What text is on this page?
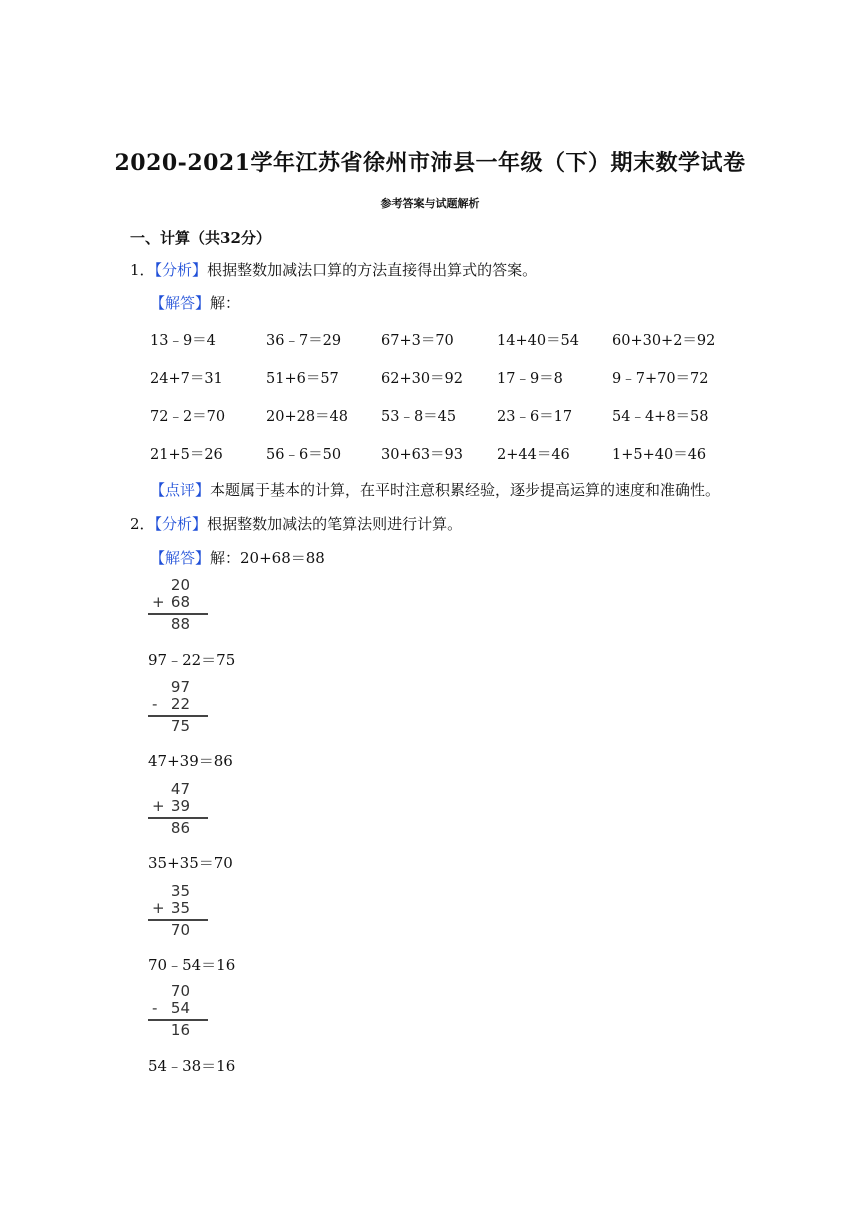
2020-2021学年江苏省徐州市沛县一年级（下）期末数学试卷
参考答案与试题解析
一、计算（共32分）
1．【分析】根据整数加减法口算的方法直接得出算式的答案。
【解答】解：
13﹣9＝4	36﹣7＝29	67+3＝70	14+40＝54 60+30+2＝92
24+7＝31	51+6＝57	62+30＝92 17﹣9＝8	9﹣7+70＝72
72﹣2＝70	20+28＝48 53﹣8＝45	23﹣6＝17	54﹣4+8＝58
21+5＝26	56﹣6＝50	30+63＝93 2+44＝46	1+5+40＝46
【点评】本题属于基本的计算，在平时注意积累经验，逐步提高运算的速度和准确性。
2．【分析】根据整数加减法的笔算法则进行计算。
【解答】解：20+68＝88
20
+ 68
88
97﹣22＝75
97
- 22
75
47+39＝86
47
+ 39
86
35+35＝70
35
+ 35
70
70﹣54＝16
70
- 54
16
54﹣38＝16
